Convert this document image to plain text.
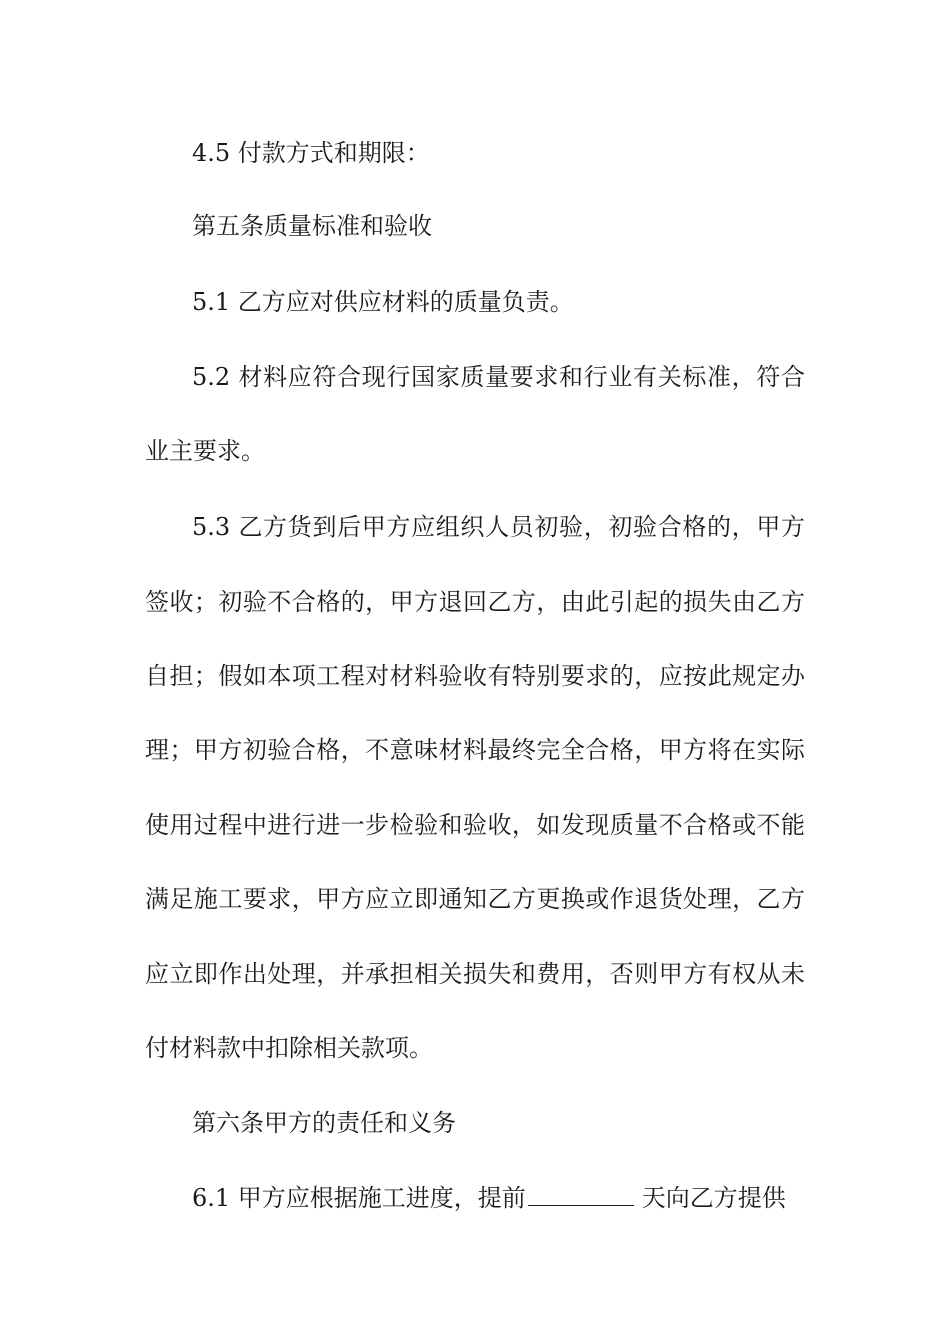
4.5 付款方式和期限：
第五条质量标准和验收
5.1 乙方应对供应材料的质量负责。
5.2 材料应符合现行国家质量要求和行业有关标准，符合
业主要求。
5.3 乙方货到后甲方应组织人员初验，初验合格的，甲方
签收；初验不合格的，甲方退回乙方，由此引起的损失由乙方
自担；假如本项工程对材料验收有特别要求的，应按此规定办
理；甲方初验合格，不意味材料最终完全合格，甲方将在实际
使用过程中进行进一步检验和验收，如发现质量不合格或不能
满足施工要求，甲方应立即通知乙方更换或作退货处理，乙方
应立即作出处理，并承担相关损失和费用，否则甲方有权从未
付材料款中扣除相关款项。
第六条甲方的责任和义务
6.1 甲方应根据施工进度，提前	天向乙方提供
